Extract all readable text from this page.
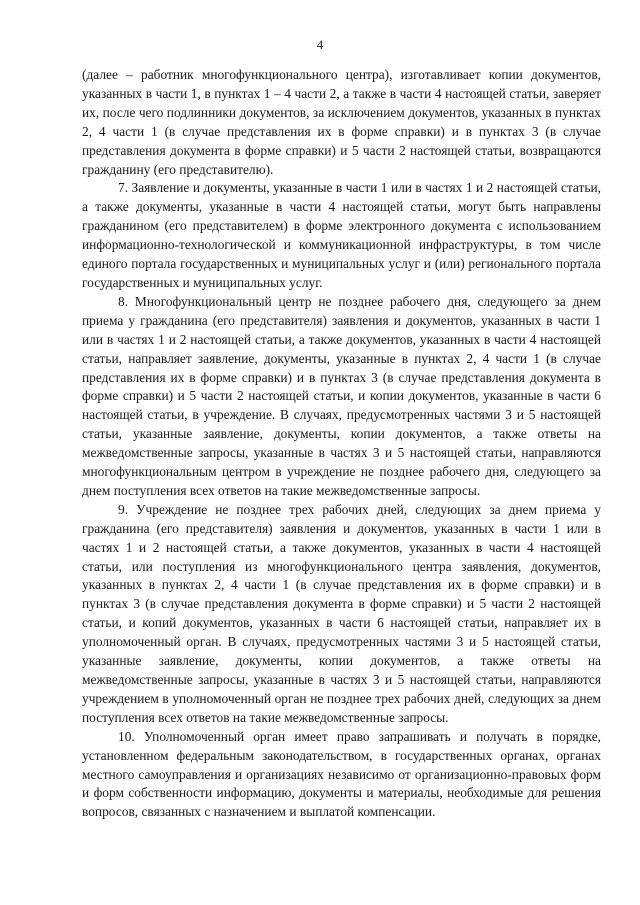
4

(далее – работник многофункционального центра), изготавливает копии документов, указанных в части 1, в пунктах 1 – 4 части 2, а также в части 4 настоящей статьи, заверяет их, после чего подлинники документов, за исключением документов, указанных в пунктах 2, 4 части 1 (в случае представления их в форме справки) и в пунктах 3 (в случае представления документа в форме справки) и 5 части 2 настоящей статьи, возвращаются гражданину (его представителю).

7. Заявление и документы, указанные в части 1 или в частях 1 и 2 настоящей статьи, а также документы, указанные в части 4 настоящей статьи, могут быть направлены гражданином (его представителем) в форме электронного документа с использованием информационно-технологической и коммуникационной инфраструктуры, в том числе единого портала государственных и муниципальных услуг и (или) регионального портала государственных и муниципальных услуг.

8. Многофункциональный центр не позднее рабочего дня, следующего за днем приема у гражданина (его представителя) заявления и документов, указанных в части 1 или в частях 1 и 2 настоящей статьи, а также документов, указанных в части 4 настоящей статьи, направляет заявление, документы, указанные в пунктах 2, 4 части 1 (в случае представления их в форме справки) и в пунктах 3 (в случае представления документа в форме справки) и 5 части 2 настоящей статьи, и копии документов, указанные в части 6 настоящей статьи, в учреждение. В случаях, предусмотренных частями 3 и 5 настоящей статьи, указанные заявление, документы, копии документов, а также ответы на межведомственные запросы, указанные в частях 3 и 5 настоящей статьи, направляются многофункциональным центром в учреждение не позднее рабочего дня, следующего за днем поступления всех ответов на такие межведомственные запросы.

9. Учреждение не позднее трех рабочих дней, следующих за днем приема у гражданина (его представителя) заявления и документов, указанных в части 1 или в частях 1 и 2 настоящей статьи, а также документов, указанных в части 4 настоящей статьи, или поступления из многофункционального центра заявления, документов, указанных в пунктах 2, 4 части 1 (в случае представления их в форме справки) и в пунктах 3 (в случае представления документа в форме справки) и 5 части 2 настоящей статьи, и копий документов, указанных в части 6 настоящей статьи, направляет их в уполномоченный орган. В случаях, предусмотренных частями 3 и 5 настоящей статьи, указанные заявление, документы, копии документов, а также ответы на межведомственные запросы, указанные в частях 3 и 5 настоящей статьи, направляются учреждением в уполномоченный орган не позднее трех рабочих дней, следующих за днем поступления всех ответов на такие межведомственные запросы.

10. Уполномоченный орган имеет право запрашивать и получать в порядке, установленном федеральным законодательством, в государственных органах, органах местного самоуправления и организациях независимо от организационно-правовых форм и форм собственности информацию, документы и материалы, необходимые для решения вопросов, связанных с назначением и выплатой компенсации.
